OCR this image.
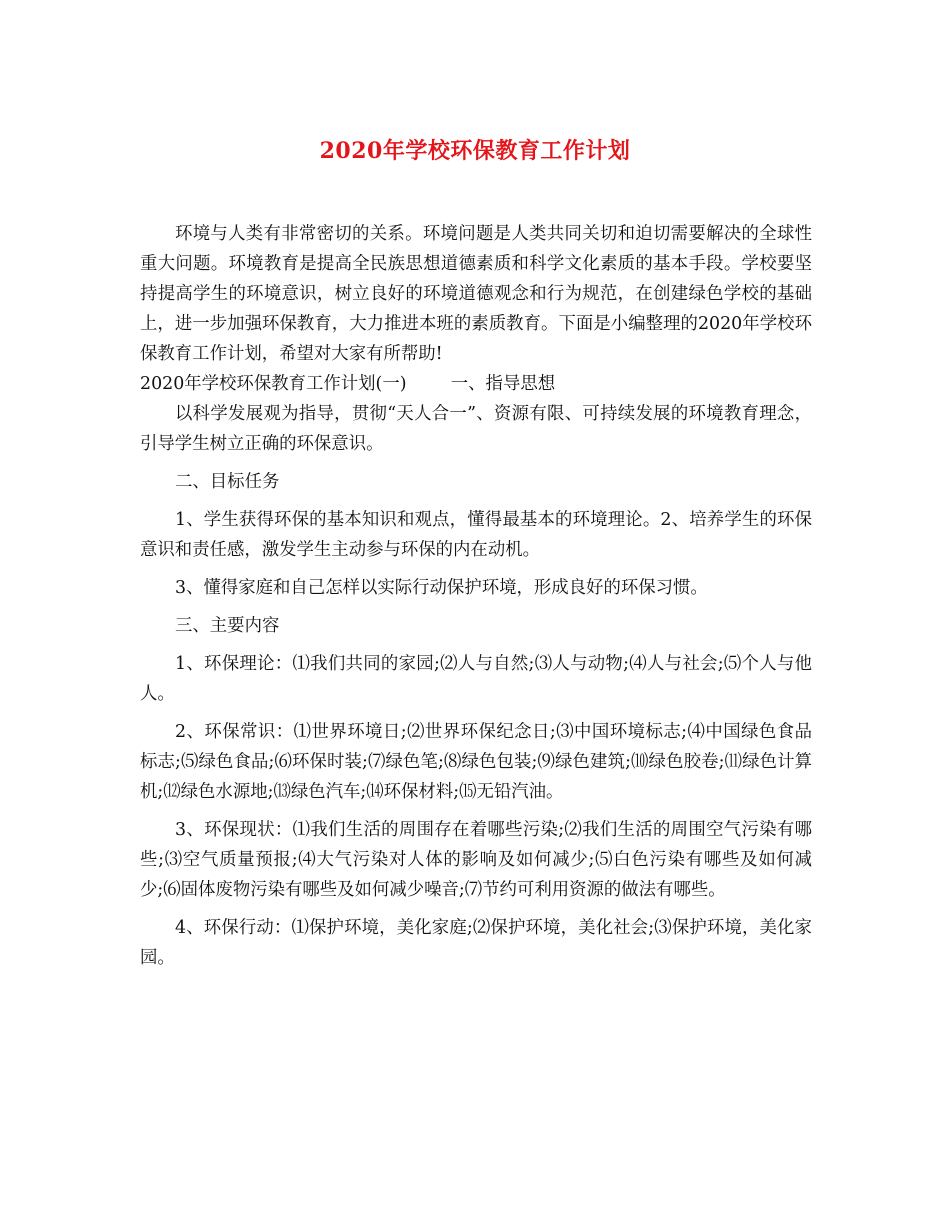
2020年学校环保教育工作计划

环境与人类有非常密切的关系。环境问题是人类共同关切和迫切需要解决的全球性重大问题。环境教育是提高全民族思想道德素质和科学文化素质的基本手段。学校要坚持提高学生的环境意识，树立良好的环境道德观念和行为规范，在创建绿色学校的基础上，进一步加强环保教育，大力推进本班的素质教育。下面是小编整理的2020年学校环保教育工作计划，希望对大家有所帮助!

2020年学校环保教育工作计划(一)	一、指导思想

以科学发展观为指导，贯彻“天人合一”、资源有限、可持续发展的环境教育理念，引导学生树立正确的环保意识。

二、目标任务

1、学生获得环保的基本知识和观点，懂得最基本的环境理论。2、培养学生的环保意识和责任感，激发学生主动参与环保的内在动机。

3、懂得家庭和自己怎样以实际行动保护环境，形成良好的环保习惯。

三、主要内容

1、环保理论：⑴我们共同的家园;⑵人与自然;⑶人与动物;⑷人与社会;⑸个人与他人。

2、环保常识：⑴世界环境日;⑵世界环保纪念日;⑶中国环境标志;⑷中国绿色食品标志;⑸绿色食品;⑹环保时装;⑺绿色笔;⑻绿色包装;⑼绿色建筑;⑽绿色胶卷;⑾绿色计算机;⑿绿色水源地;⒀绿色汽车;⒁环保材料;⒂无铅汽油。

3、环保现状：⑴我们生活的周围存在着哪些污染;⑵我们生活的周围空气污染有哪些;⑶空气质量预报;⑷大气污染对人体的影响及如何减少;⑸白色污染有哪些及如何减少;⑹固体废物污染有哪些及如何减少噪音;⑺节约可利用资源的做法有哪些。

4、环保行动：⑴保护环境，美化家庭;⑵保护环境，美化社会;⑶保护环境，美化家园。
